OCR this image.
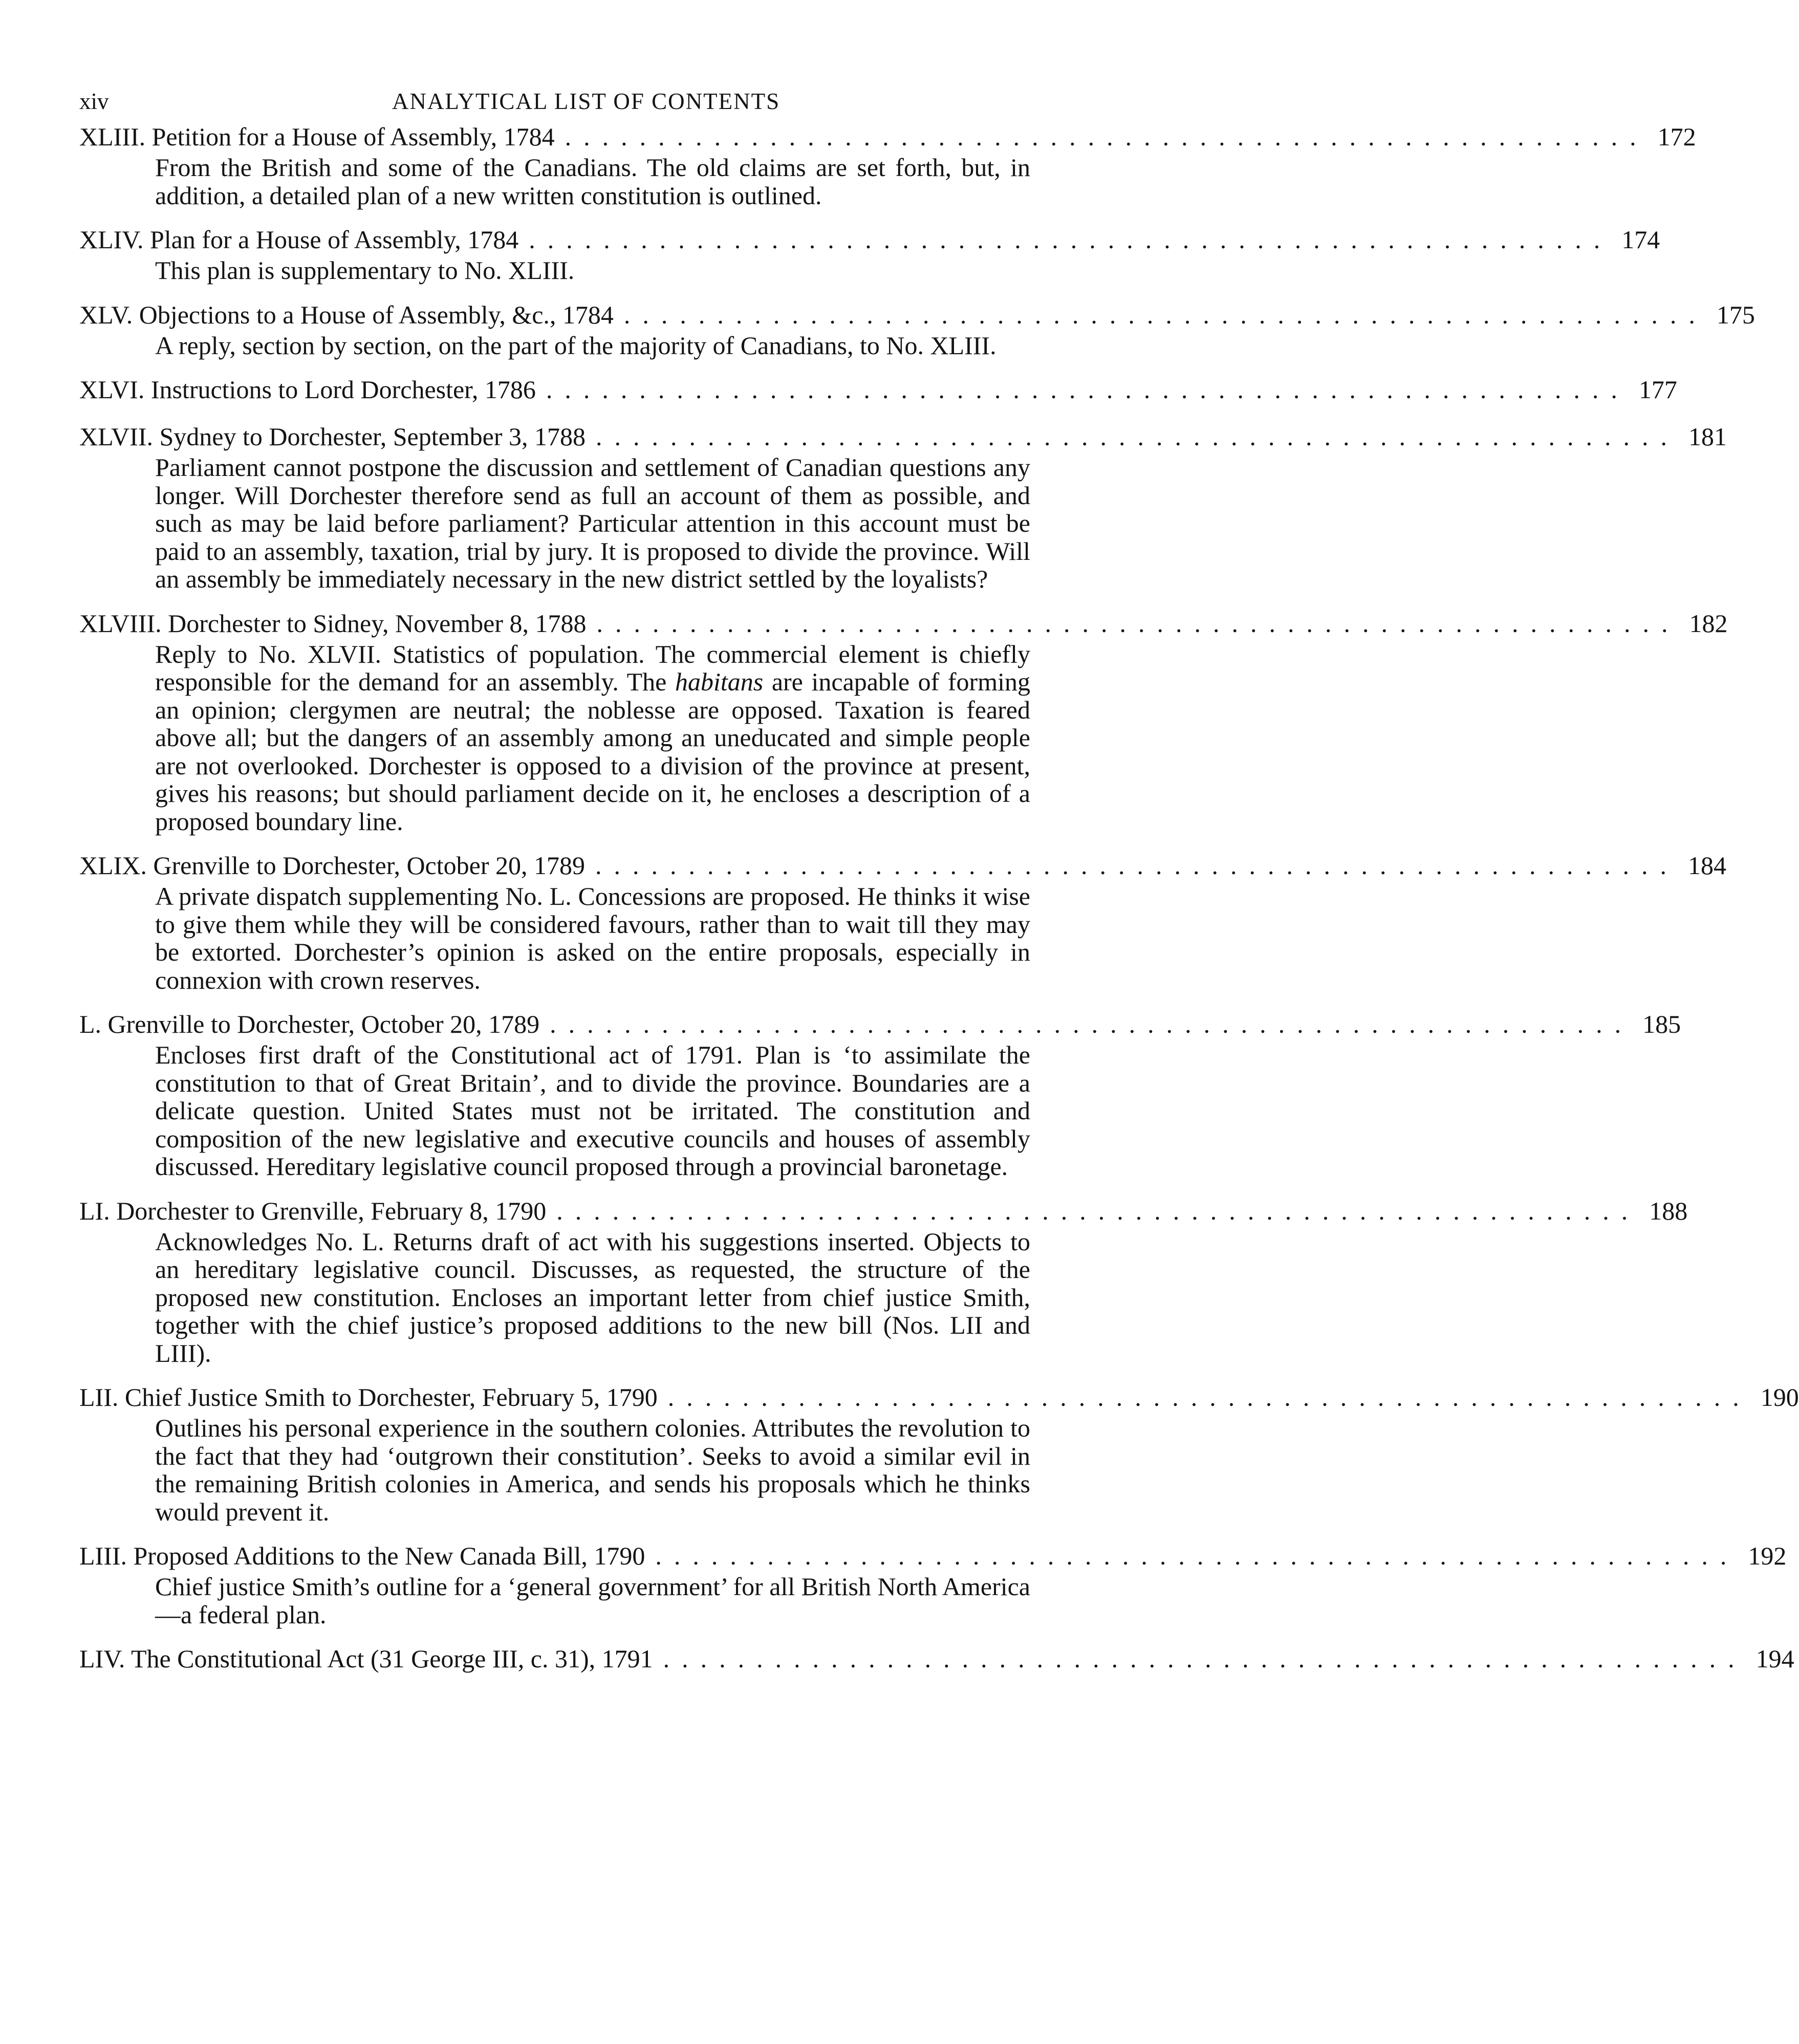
xiv	ANALYTICAL LIST OF CONTENTS
XLIII. Petition for a House of Assembly, 1784 .......................................................... 172
From the British and some of the Canadians. The old claims are set forth, but, in addition, a detailed plan of a new written constitution is outlined.
XLIV. Plan for a House of Assembly, 1784 .......................................................... 174
This plan is supplementary to No. XLIII.
XLV. Objections to a House of Assembly, &c., 1784 .......................................................... 175
A reply, section by section, on the part of the majority of Canadians, to No. XLIII.
XLVI. Instructions to Lord Dorchester, 1786 .......................................................... 177
XLVII. Sydney to Dorchester, September 3, 1788 .......................................................... 181
Parliament cannot postpone the discussion and settlement of Canadian questions any longer. Will Dorchester therefore send as full an account of them as possible, and such as may be laid before parliament? Particular attention in this account must be paid to an assembly, taxation, trial by jury. It is proposed to divide the province. Will an assembly be immediately necessary in the new district settled by the loyalists?
XLVIII. Dorchester to Sidney, November 8, 1788 .......................................................... 182
Reply to No. XLVII. Statistics of population. The commercial element is chiefly responsible for the demand for an assembly. The habitans are incapable of forming an opinion; clergymen are neutral; the noblesse are opposed. Taxation is feared above all; but the dangers of an assembly among an uneducated and simple people are not overlooked. Dorchester is opposed to a division of the province at present, gives his reasons; but should parliament decide on it, he encloses a description of a proposed boundary line.
XLIX. Grenville to Dorchester, October 20, 1789 .......................................................... 184
A private dispatch supplementing No. L. Concessions are proposed. He thinks it wise to give them while they will be considered favours, rather than to wait till they may be extorted. Dorchester’s opinion is asked on the entire proposals, especially in connexion with crown reserves.
L. Grenville to Dorchester, October 20, 1789 .......................................................... 185
Encloses first draft of the Constitutional act of 1791. Plan is ‘to assimilate the constitution to that of Great Britain’, and to divide the province. Boundaries are a delicate question. United States must not be irritated. The constitution and composition of the new legislative and executive councils and houses of assembly discussed. Hereditary legislative council proposed through a provincial baronetage.
LI. Dorchester to Grenville, February 8, 1790 .......................................................... 188
Acknowledges No. L. Returns draft of act with his suggestions inserted. Objects to an hereditary legislative council. Discusses, as requested, the structure of the proposed new constitution. Encloses an important letter from chief justice Smith, together with the chief justice’s proposed additions to the new bill (Nos. LII and LIII).
LII. Chief Justice Smith to Dorchester, February 5, 1790 .......................................................... 190
Outlines his personal experience in the southern colonies. Attributes the revolution to the fact that they had ‘outgrown their constitution’. Seeks to avoid a similar evil in the remaining British colonies in America, and sends his proposals which he thinks would prevent it.
LIII. Proposed Additions to the New Canada Bill, 1790 .......................................................... 192
Chief justice Smith’s outline for a ‘general government’ for all British North America—a federal plan.
LIV. The Constitutional Act (31 George III, c. 31), 1791 .......................................................... 194
